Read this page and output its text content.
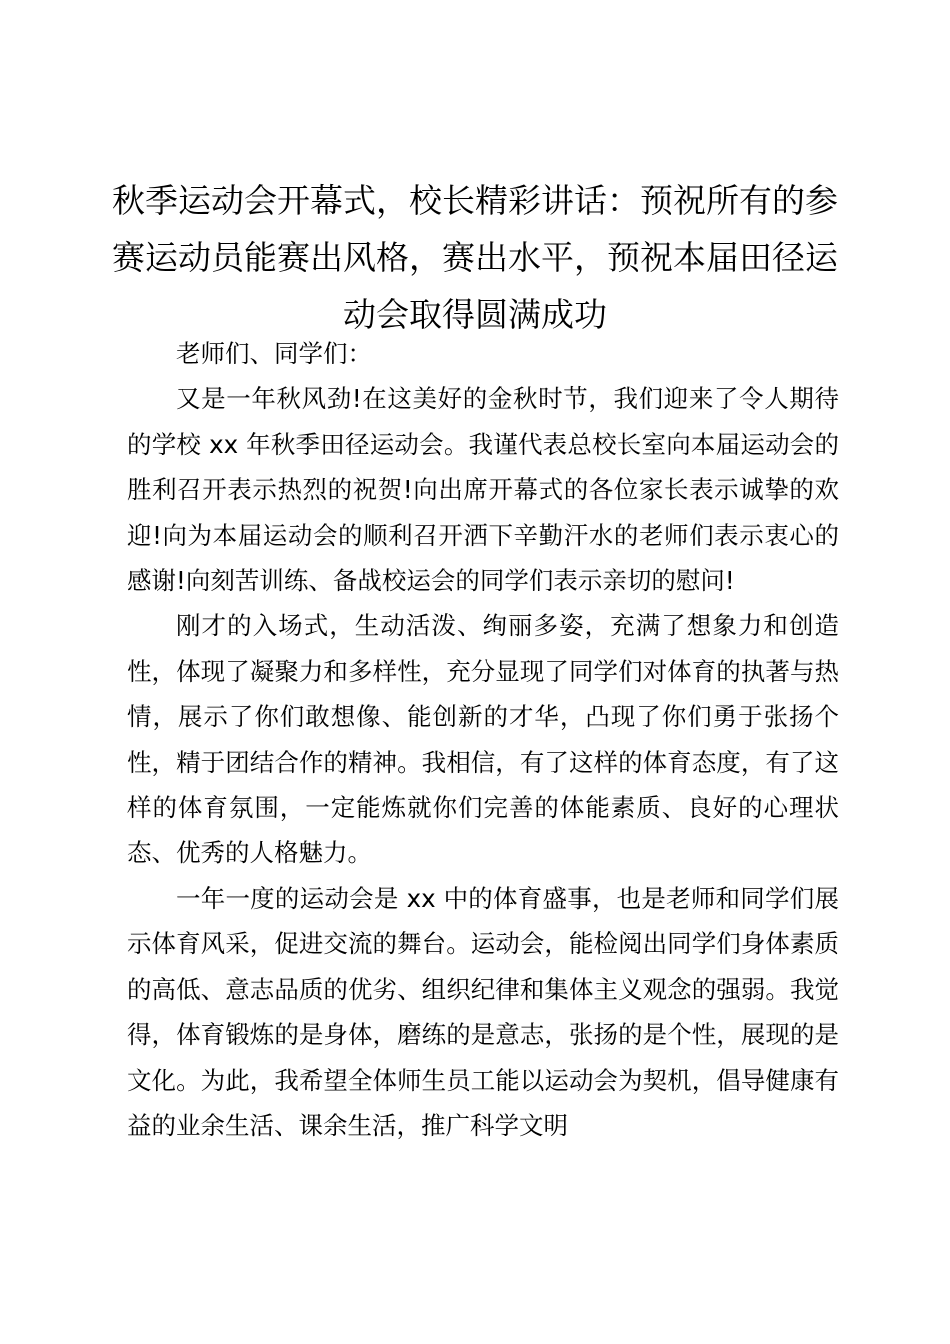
秋季运动会开幕式，校长精彩讲话：预祝所有的参赛运动员能赛出风格，赛出水平，预祝本届田径运动会取得圆满成功

老师们、同学们：

又是一年秋风劲!在这美好的金秋时节，我们迎来了令人期待的学校 xx 年秋季田径运动会。我谨代表总校长室向本届运动会的胜利召开表示热烈的祝贺!向出席开幕式的各位家长表示诚挚的欢迎!向为本届运动会的顺利召开洒下辛勤汗水的老师们表示衷心的感谢!向刻苦训练、备战校运会的同学们表示亲切的慰问!

刚才的入场式，生动活泼、绚丽多姿，充满了想象力和创造性，体现了凝聚力和多样性，充分显现了同学们对体育的执著与热情，展示了你们敢想像、能创新的才华，凸现了你们勇于张扬个性，精于团结合作的精神。我相信，有了这样的体育态度，有了这样的体育氛围，一定能炼就你们完善的体能素质、良好的心理状态、优秀的人格魅力。

一年一度的运动会是 xx 中的体育盛事，也是老师和同学们展示体育风采，促进交流的舞台。运动会，能检阅出同学们身体素质的高低、意志品质的优劣、组织纪律和集体主义观念的强弱。我觉得，体育锻炼的是身体，磨练的是意志，张扬的是个性，展现的是文化。为此，我希望全体师生员工能以运动会为契机，倡导健康有益的业余生活、课余生活，推广科学文明
